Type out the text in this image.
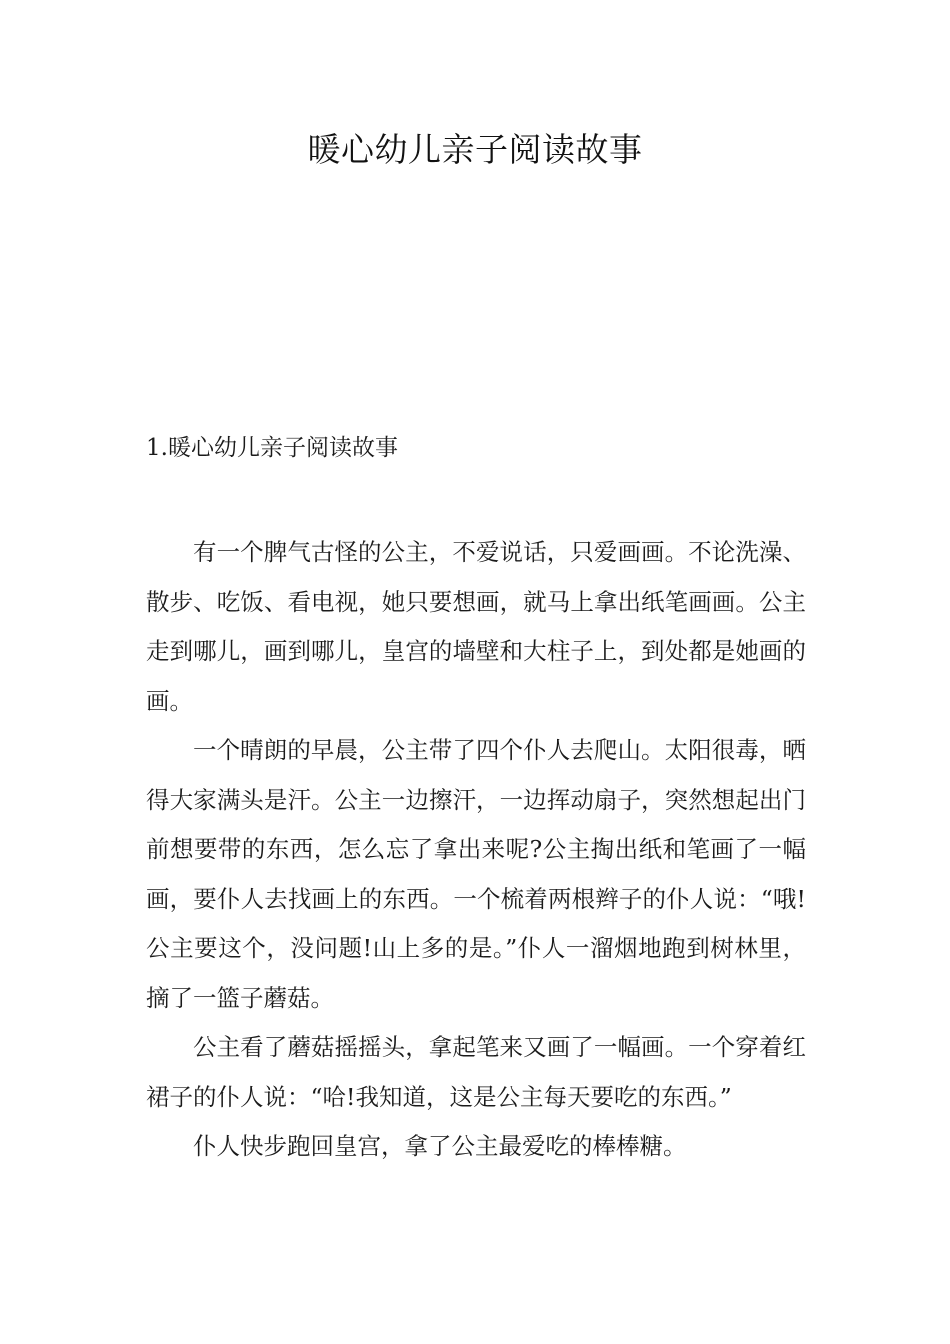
暖心幼儿亲子阅读故事
1.暖心幼儿亲子阅读故事

有一个脾气古怪的公主，不爱说话，只爱画画。不论洗澡、散步、吃饭、看电视，她只要想画，就马上拿出纸笔画画。公主走到哪儿，画到哪儿，皇宫的墙壁和大柱子上，到处都是她画的画。

一个晴朗的早晨，公主带了四个仆人去爬山。太阳很毒，晒得大家满头是汗。公主一边擦汗，一边挥动扇子，突然想起出门前想要带的东西，怎么忘了拿出来呢?公主掏出纸和笔画了一幅画，要仆人去找画上的东西。一个梳着两根辫子的仆人说：“哦!公主要这个，没问题!山上多的是。”仆人一溜烟地跑到树林里，摘了一篮子蘑菇。

公主看了蘑菇摇摇头，拿起笔来又画了一幅画。一个穿着红裙子的仆人说：“哈!我知道，这是公主每天要吃的东西。”

仆人快步跑回皇宫，拿了公主最爱吃的棒棒糖。
